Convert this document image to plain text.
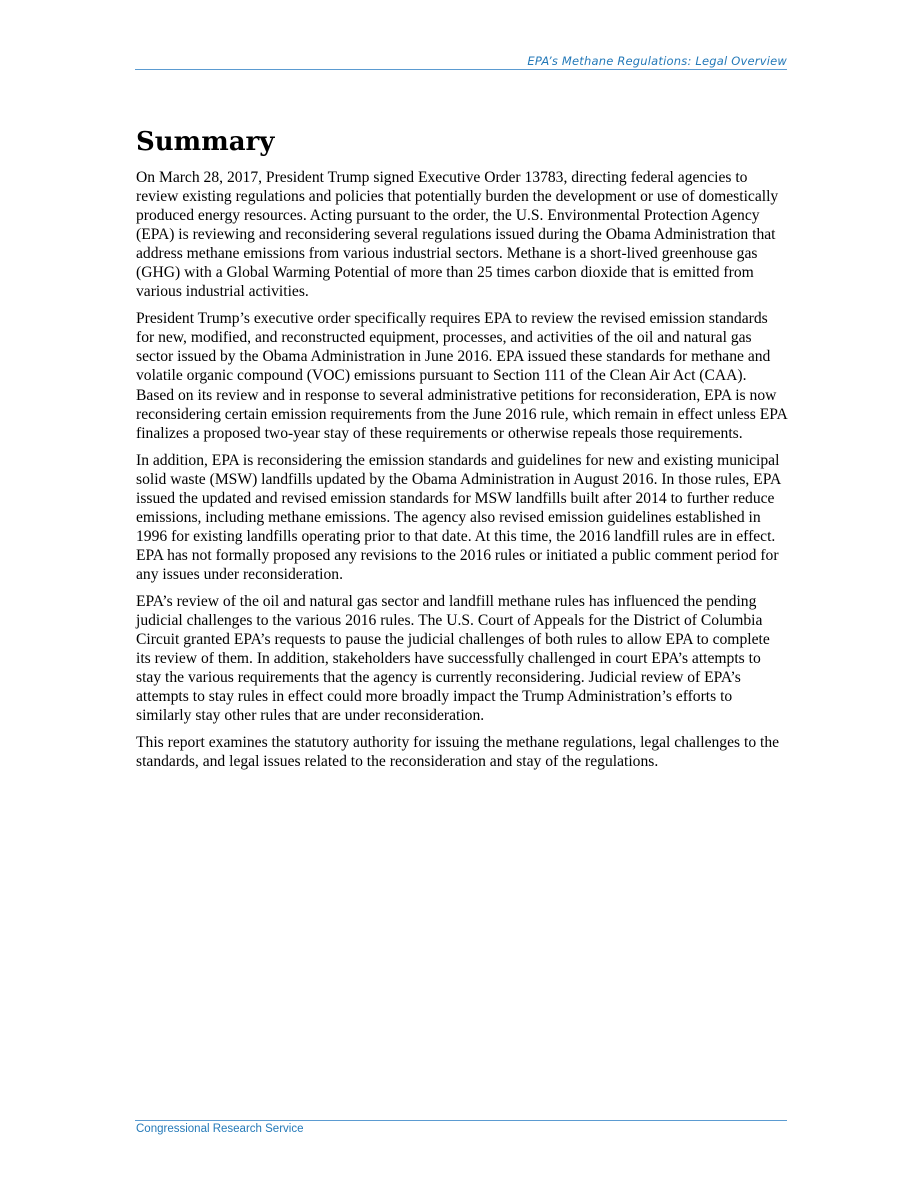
EPA’s Methane Regulations: Legal Overview
Summary

On March 28, 2017, President Trump signed Executive Order 13783, directing federal agencies to review existing regulations and policies that potentially burden the development or use of domestically produced energy resources. Acting pursuant to the order, the U.S. Environmental Protection Agency (EPA) is reviewing and reconsidering several regulations issued during the Obama Administration that address methane emissions from various industrial sectors. Methane is a short-lived greenhouse gas (GHG) with a Global Warming Potential of more than 25 times carbon dioxide that is emitted from various industrial activities.

President Trump’s executive order specifically requires EPA to review the revised emission standards for new, modified, and reconstructed equipment, processes, and activities of the oil and natural gas sector issued by the Obama Administration in June 2016. EPA issued these standards for methane and volatile organic compound (VOC) emissions pursuant to Section 111 of the Clean Air Act (CAA). Based on its review and in response to several administrative petitions for reconsideration, EPA is now reconsidering certain emission requirements from the June 2016 rule, which remain in effect unless EPA finalizes a proposed two-year stay of these requirements or otherwise repeals those requirements.

In addition, EPA is reconsidering the emission standards and guidelines for new and existing municipal solid waste (MSW) landfills updated by the Obama Administration in August 2016. In those rules, EPA issued the updated and revised emission standards for MSW landfills built after 2014 to further reduce emissions, including methane emissions. The agency also revised emission guidelines established in 1996 for existing landfills operating prior to that date. At this time, the 2016 landfill rules are in effect. EPA has not formally proposed any revisions to the 2016 rules or initiated a public comment period for any issues under reconsideration.

EPA’s review of the oil and natural gas sector and landfill methane rules has influenced the pending judicial challenges to the various 2016 rules. The U.S. Court of Appeals for the District of Columbia Circuit granted EPA’s requests to pause the judicial challenges of both rules to allow EPA to complete its review of them. In addition, stakeholders have successfully challenged in court EPA’s attempts to stay the various requirements that the agency is currently reconsidering. Judicial review of EPA’s attempts to stay rules in effect could more broadly impact the Trump Administration’s efforts to similarly stay other rules that are under reconsideration.

This report examines the statutory authority for issuing the methane regulations, legal challenges to the standards, and legal issues related to the reconsideration and stay of the regulations.

Congressional Research Service
